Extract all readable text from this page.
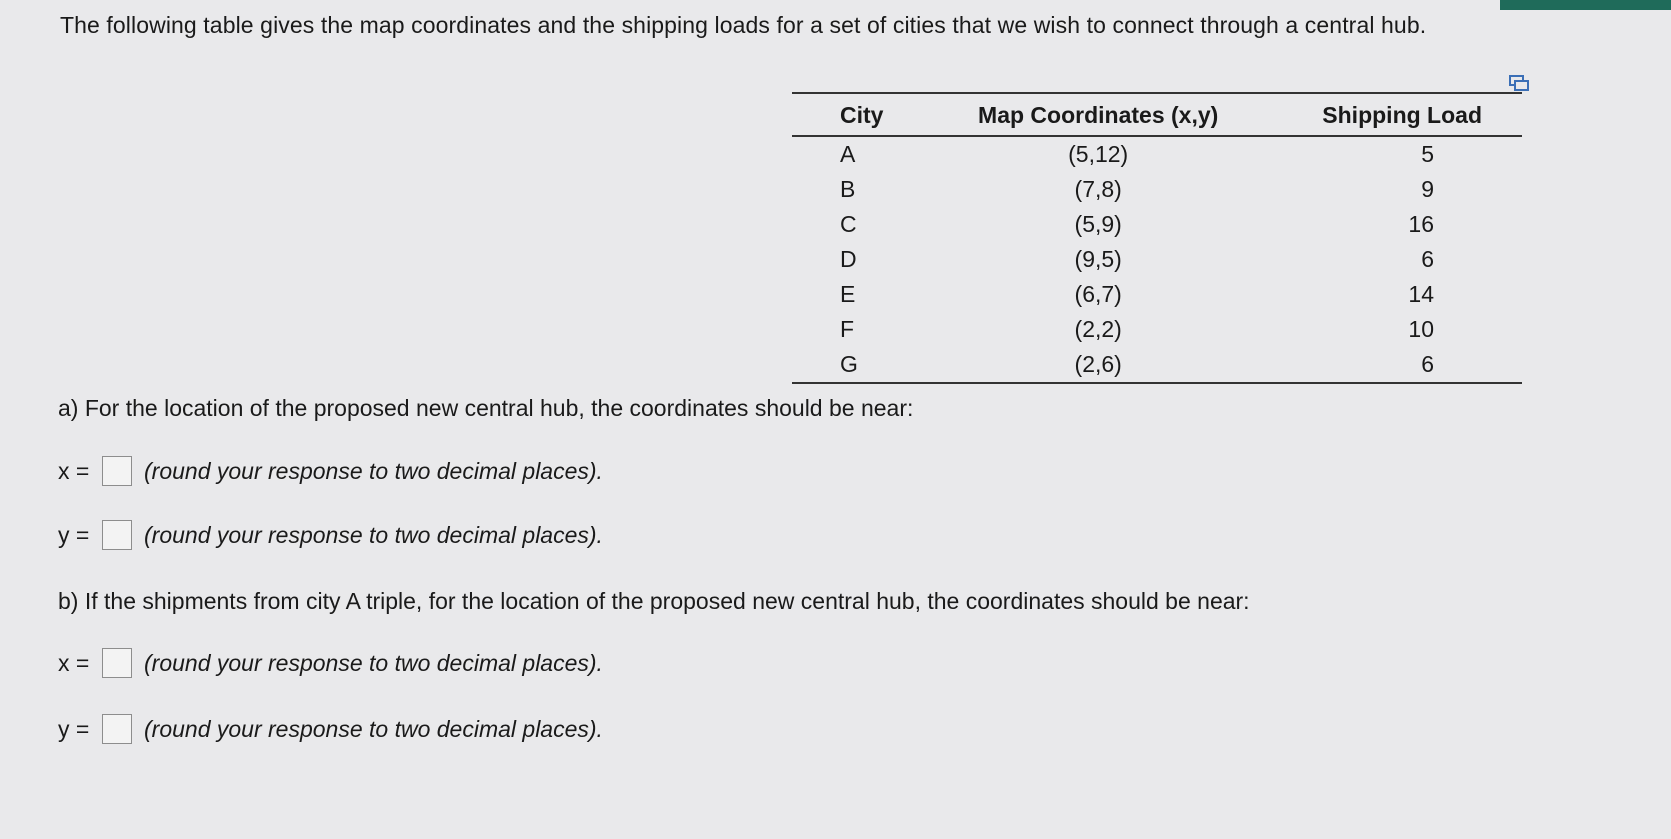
The following table gives the map coordinates and the shipping loads for a set of cities that we wish to connect through a central hub.
City	Map Coordinates (x,y)	Shipping Load
A	(5,12)	5
B	(7,8)	9
C	(5,9)	16
D	(9,5)	6
E	(6,7)	14
F	(2,2)	10
G	(2,6)	6
a) For the location of the proposed new central hub, the coordinates should be near:
x =	(round your response to two decimal places).
y =	(round your response to two decimal places).
b) If the shipments from city A triple, for the location of the proposed new central hub, the coordinates should be near:
x =	(round your response to two decimal places).
y =	(round your response to two decimal places).
